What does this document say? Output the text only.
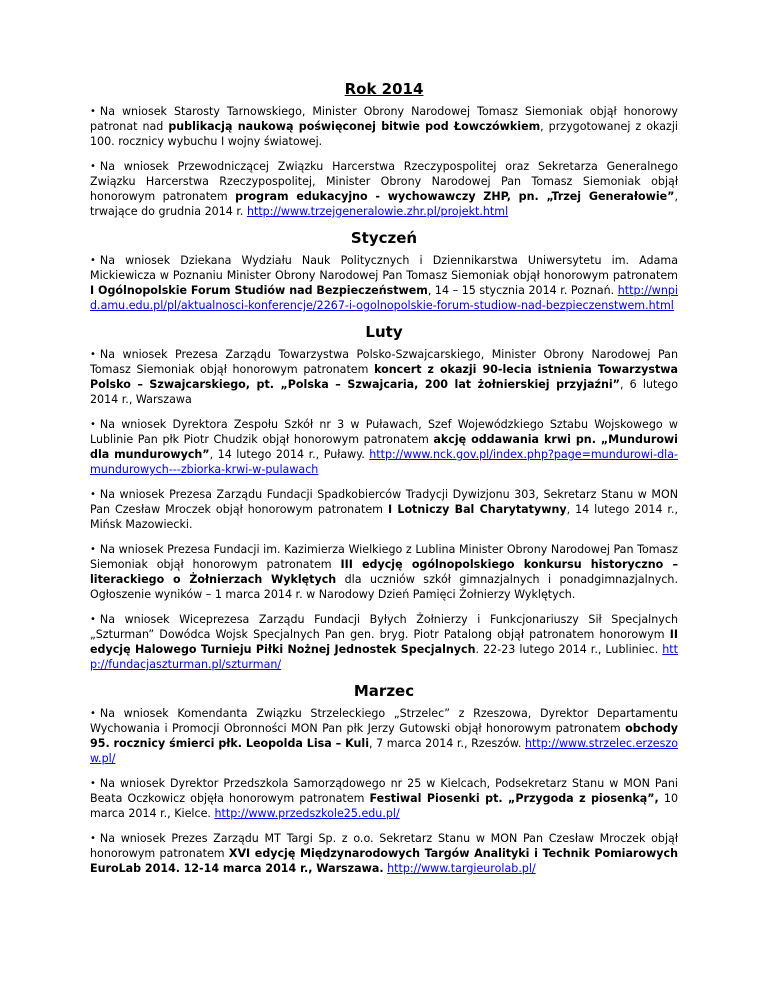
Rok 2014

• Na wniosek Starosty Tarnowskiego, Minister Obrony Narodowej Tomasz Siemoniak objął honorowy patronat nad publikacją naukową poświęconej bitwie pod Łowczówkiem, przygotowanej z okazji 100. rocznicy wybuchu I wojny światowej.

• Na wniosek Przewodniczącej Związku Harcerstwa Rzeczypospolitej oraz Sekretarza Generalnego Związku Harcerstwa Rzeczypospolitej, Minister Obrony Narodowej Pan Tomasz Siemoniak objął honorowym patronatem program edukacyjno - wychowawczy ZHP, pn. „Trzej Generałowie”, trwające do grudnia 2014 r. http://www.trzejgeneralowie.zhr.pl/projekt.html

Styczeń

• Na wniosek Dziekana Wydziału Nauk Politycznych i Dziennikarstwa Uniwersytetu im. Adama Mickiewicza w Poznaniu Minister Obrony Narodowej Pan Tomasz Siemoniak objął honorowym patronatem I Ogólnopolskie Forum Studiów nad Bezpieczeństwem, 14 – 15 stycznia 2014 r. Poznań. http://wnpid.amu.edu.pl/pl/aktualnosci-konferencje/2267-i-ogolnopolskie-forum-studiow-nad-bezpieczenstwem.html

Luty

• Na wniosek Prezesa Zarządu Towarzystwa Polsko-Szwajcarskiego, Minister Obrony Narodowej Pan Tomasz Siemoniak objął honorowym patronatem koncert z okazji 90-lecia istnienia Towarzystwa Polsko – Szwajcarskiego, pt. „Polska – Szwajcaria, 200 lat żołnierskiej przyjaźni”, 6 lutego 2014 r., Warszawa

• Na wniosek Dyrektora Zespołu Szkół nr 3 w Puławach, Szef Wojewódzkiego Sztabu Wojskowego w Lublinie Pan płk Piotr Chudzik objął honorowym patronatem akcję oddawania krwi pn. „Mundurowi dla mundurowych”, 14 lutego 2014 r., Puławy. http://www.nck.gov.pl/index.php?page=mundurowi-dla-mundurowych---zbiorka-krwi-w-pulawach

• Na wniosek Prezesa Zarządu Fundacji Spadkobierców Tradycji Dywizjonu 303, Sekretarz Stanu w MON Pan Czesław Mroczek objął honorowym patronatem I Lotniczy Bal Charytatywny, 14 lutego 2014 r., Mińsk Mazowiecki.

• Na wniosek Prezesa Fundacji im. Kazimierza Wielkiego z Lublina Minister Obrony Narodowej Pan Tomasz Siemoniak objął honorowym patronatem III edycję ogólnopolskiego konkursu historyczno – literackiego o Żołnierzach Wyklętych dla uczniów szkół gimnazjalnych i ponadgimnazjalnych. Ogłoszenie wyników – 1 marca 2014 r. w Narodowy Dzień Pamięci Żołnierzy Wyklętych.

• Na wniosek Wiceprezesa Zarządu Fundacji Byłych Żołnierzy i Funkcjonariuszy Sił Specjalnych „Szturman” Dowódca Wojsk Specjalnych Pan gen. bryg. Piotr Patalong objął patronatem honorowym II edycję Halowego Turnieju Piłki Nożnej Jednostek Specjalnych. 22-23 lutego 2014 r., Lubliniec. http://fundacjaszturman.pl/szturman/

Marzec

• Na wniosek Komendanta Związku Strzeleckiego „Strzelec” z Rzeszowa, Dyrektor Departamentu Wychowania i Promocji Obronności MON Pan płk Jerzy Gutowski objął honorowym patronatem obchody 95. rocznicy śmierci płk. Leopolda Lisa – Kuli, 7 marca 2014 r., Rzeszów. http://www.strzelec.erzeszow.pl/

• Na wniosek Dyrektor Przedszkola Samorządowego nr 25 w Kielcach, Podsekretarz Stanu w MON Pani Beata Oczkowicz objęła honorowym patronatem Festiwal Piosenki pt. „Przygoda z piosenką”, 10 marca 2014 r., Kielce. http://www.przedszkole25.edu.pl/

• Na wniosek Prezes Zarządu MT Targi Sp. z o.o. Sekretarz Stanu w MON Pan Czesław Mroczek objął honorowym patronatem XVI edycję Międzynarodowych Targów Analityki i Technik Pomiarowych EuroLab 2014. 12-14 marca 2014 r., Warszawa. http://www.targieurolab.pl/
